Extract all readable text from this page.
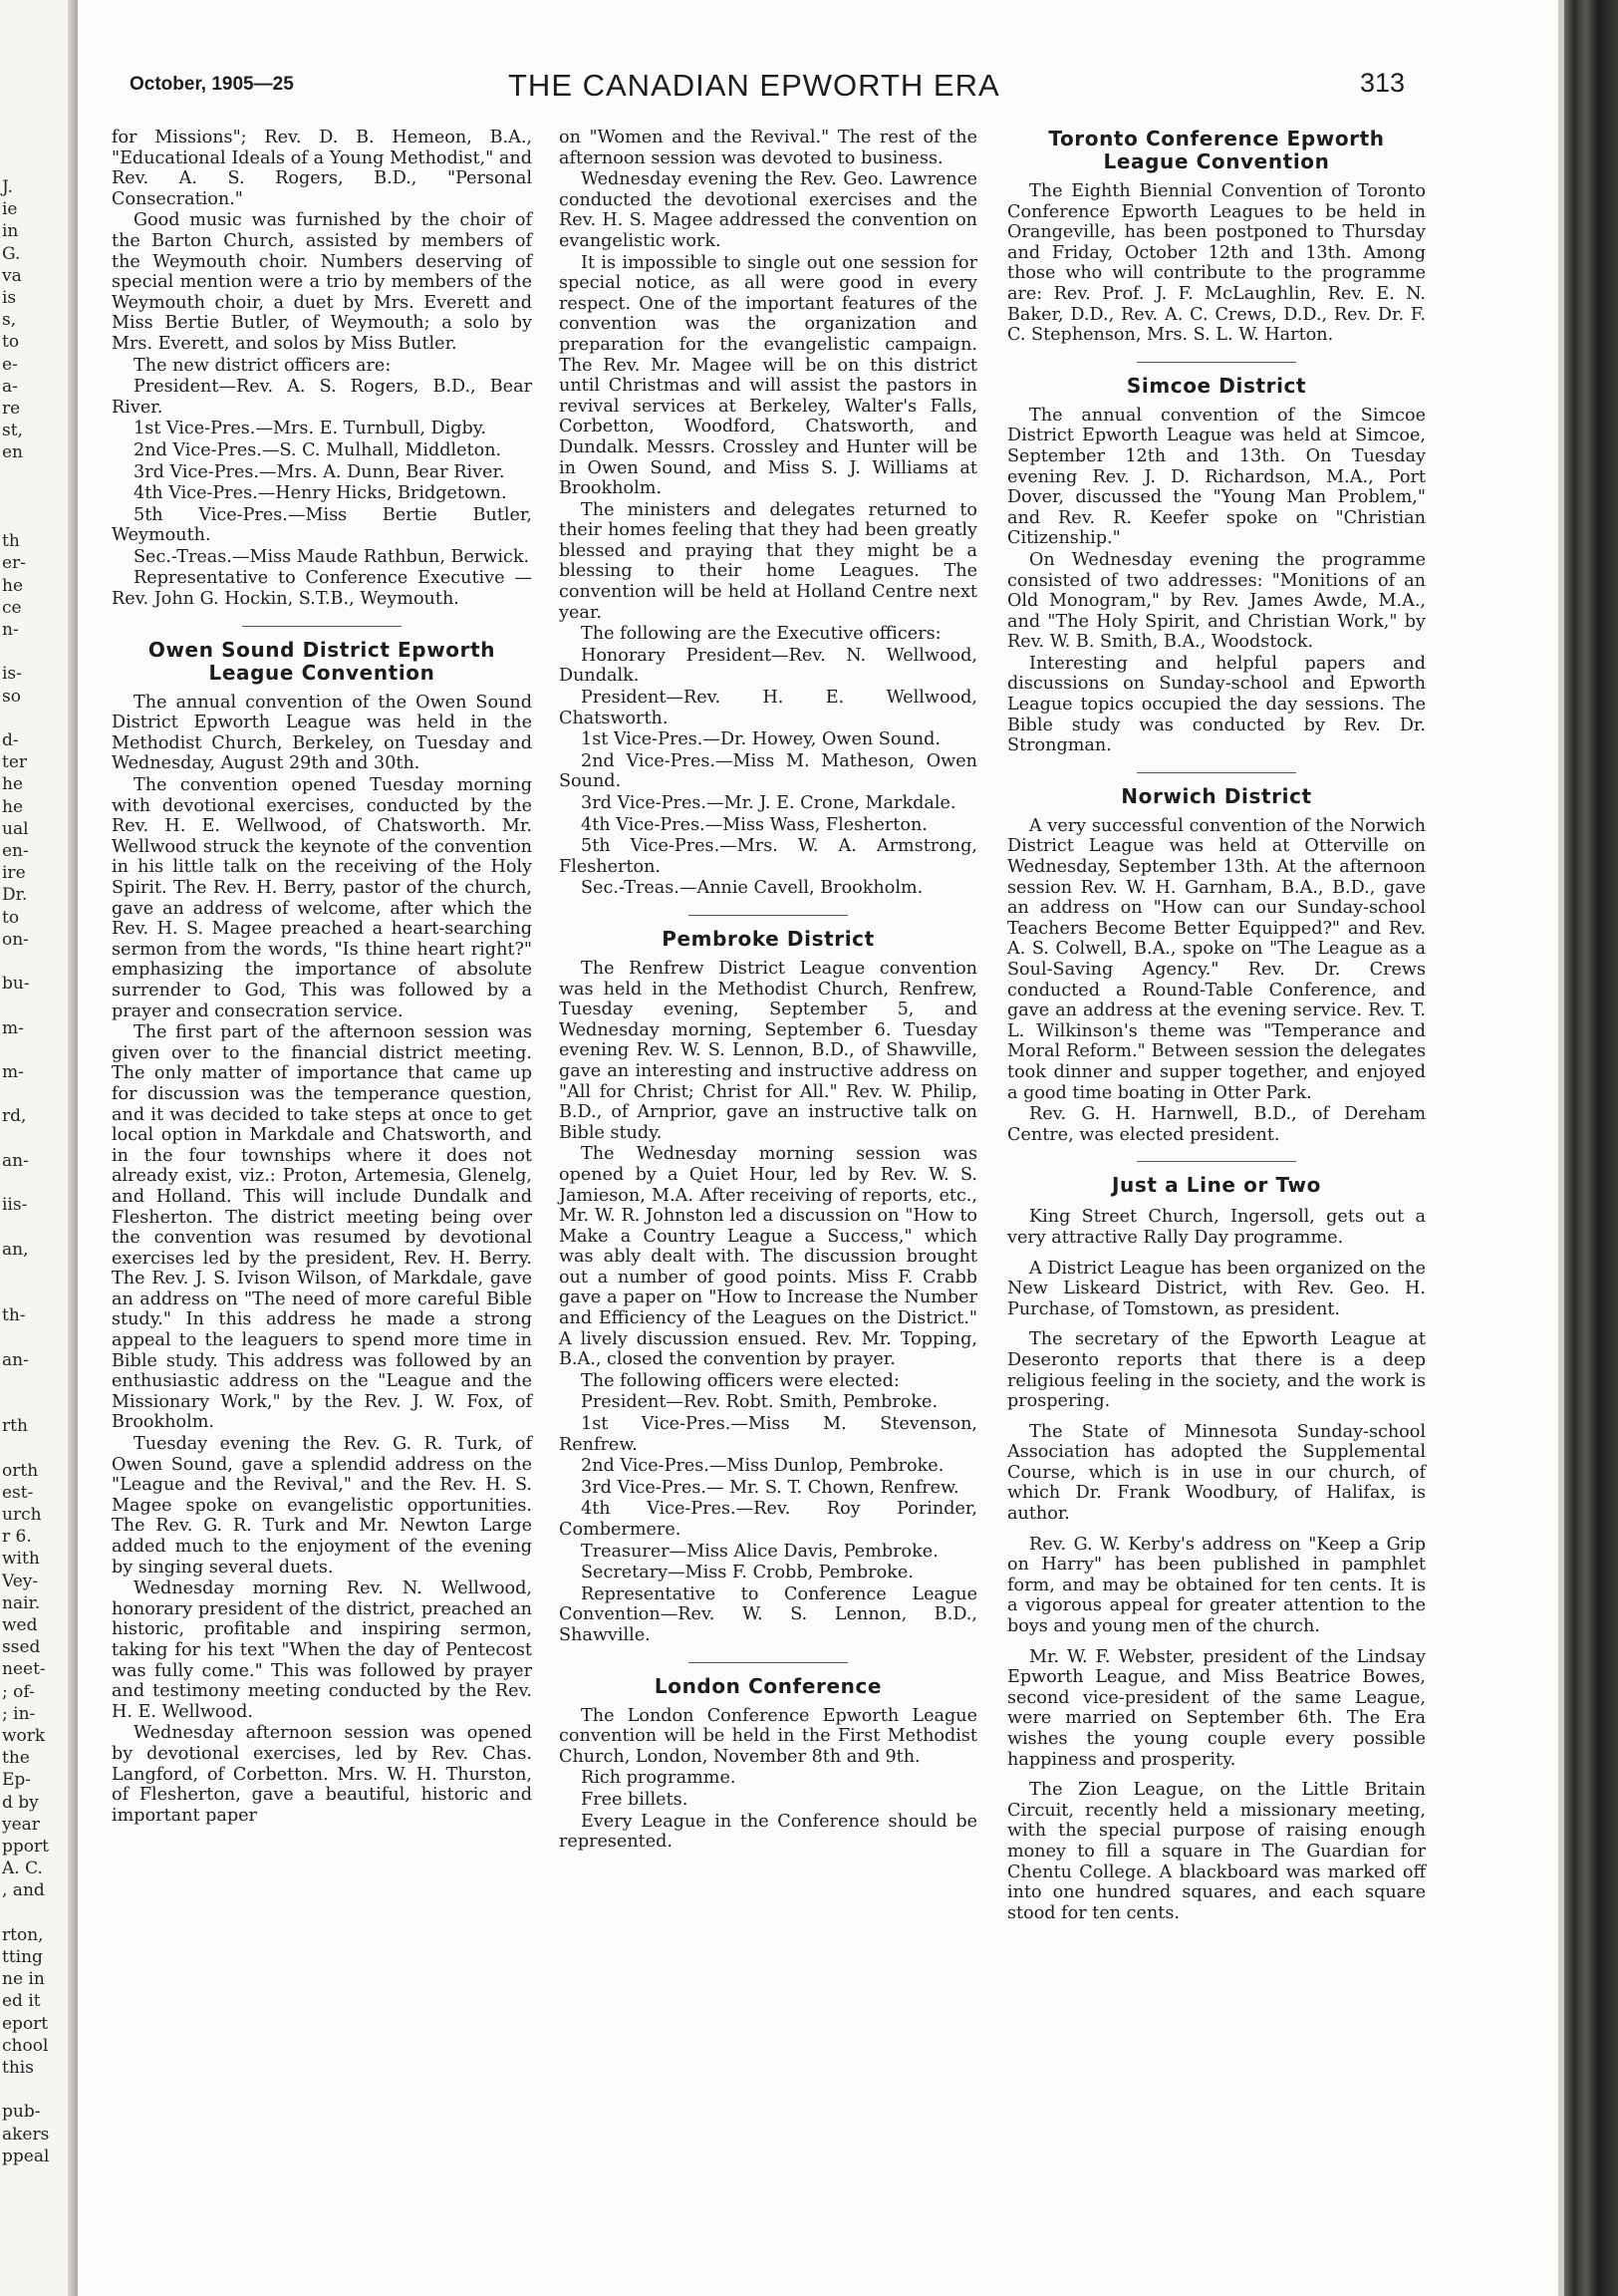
J.
ie
in
G.
va
is
s,
to
e-
a-
re
st,
en
th
er-
he
ce
n-
is-
so
d-
ter
he
he
ual
en-
ire
Dr.
to
on-
bu-
m-
m-
rd,
an-
iis-
an,
th-
an-
rth
orth
est-
urch
r 6.
with
Vey-
nair.
wed
ssed
neet-
; of-
; in-
work
the
Ep-
d by
year
pport
A. C.
, and
rton,
tting
ne in
ed it
eport
chool
this
pub-
akers
ppeal
October, 1905—25	THE CANADIAN EPWORTH ERA	313

for Missions"; Rev. D. B. Hemeon, B.A., "Educational Ideals of a Young Methodist," and Rev. A. S. Rogers, B.D., "Personal Consecration."

Good music was furnished by the choir of the Barton Church, assisted by members of the Weymouth choir. Numbers deserving of special mention were a trio by members of the Weymouth choir, a duet by Mrs. Everett and Miss Bertie Butler, of Weymouth; a solo by Mrs. Everett, and solos by Miss Butler.

The new district officers are:

President—Rev. A. S. Rogers, B.D., Bear River.

1st Vice-Pres.—Mrs. E. Turnbull, Digby.

2nd Vice-Pres.—S. C. Mulhall, Middleton.

3rd Vice-Pres.—Mrs. A. Dunn, Bear River.

4th Vice-Pres.—Henry Hicks, Bridgetown.

5th Vice-Pres.—Miss Bertie Butler, Weymouth.

Sec.-Treas.—Miss Maude Rathbun, Berwick.

Representative to Conference Executive —Rev. John G. Hockin, S.T.B., Weymouth.

Owen Sound District Epworth League Convention

The annual convention of the Owen Sound District Epworth League was held in the Methodist Church, Berkeley, on Tuesday and Wednesday, August 29th and 30th.

The convention opened Tuesday morning with devotional exercises, conducted by the Rev. H. E. Wellwood, of Chatsworth. Mr. Wellwood struck the keynote of the convention in his little talk on the receiving of the Holy Spirit. The Rev. H. Berry, pastor of the church, gave an address of welcome, after which the Rev. H. S. Magee preached a heart-searching sermon from the words, "Is thine heart right?" emphasizing the importance of absolute surrender to God, This was followed by a prayer and consecration service.

The first part of the afternoon session was given over to the financial district meeting. The only matter of importance that came up for discussion was the temperance question, and it was decided to take steps at once to get local option in Markdale and Chatsworth, and in the four townships where it does not already exist, viz.: Proton, Artemesia, Glenelg, and Holland. This will include Dundalk and Flesherton. The district meeting being over the convention was resumed by devotional exercises led by the president, Rev. H. Berry. The Rev. J. S. Ivison Wilson, of Markdale, gave an address on "The need of more careful Bible study." In this address he made a strong appeal to the leaguers to spend more time in Bible study. This address was followed by an enthusiastic address on the "League and the Missionary Work," by the Rev. J. W. Fox, of Brookholm.

Tuesday evening the Rev. G. R. Turk, of Owen Sound, gave a splendid address on the "League and the Revival," and the Rev. H. S. Magee spoke on evangelistic opportunities. The Rev. G. R. Turk and Mr. Newton Large added much to the enjoyment of the evening by singing several duets.

Wednesday morning Rev. N. Wellwood, honorary president of the district, preached an historic, profitable and inspiring sermon, taking for his text "When the day of Pentecost was fully come." This was followed by prayer and testimony meeting conducted by the Rev. H. E. Wellwood.

Wednesday afternoon session was opened by devotional exercises, led by Rev. Chas. Langford, of Corbetton. Mrs. W. H. Thurston, of Flesherton, gave a beautiful, historic and important paper

on "Women and the Revival." The rest of the afternoon session was devoted to business.

Wednesday evening the Rev. Geo. Lawrence conducted the devotional exercises and the Rev. H. S. Magee addressed the convention on evangelistic work.

It is impossible to single out one session for special notice, as all were good in every respect. One of the important features of the convention was the organization and preparation for the evangelistic campaign. The Rev. Mr. Magee will be on this district until Christmas and will assist the pastors in revival services at Berkeley, Walter's Falls, Corbetton, Woodford, Chatsworth, and Dundalk. Messrs. Crossley and Hunter will be in Owen Sound, and Miss S. J. Williams at Brookholm.

The ministers and delegates returned to their homes feeling that they had been greatly blessed and praying that they might be a blessing to their home Leagues. The convention will be held at Holland Centre next year.

The following are the Executive officers:

Honorary President—Rev. N. Wellwood, Dundalk.

President—Rev. H. E. Wellwood, Chatsworth.

1st Vice-Pres.—Dr. Howey, Owen Sound.

2nd Vice-Pres.—Miss M. Matheson, Owen Sound.

3rd Vice-Pres.—Mr. J. E. Crone, Markdale.

4th Vice-Pres.—Miss Wass, Flesherton.

5th Vice-Pres.—Mrs. W. A. Armstrong, Flesherton.

Sec.-Treas.—Annie Cavell, Brookholm.

Pembroke District

The Renfrew District League convention was held in the Methodist Church, Renfrew, Tuesday evening, September 5, and Wednesday morning, September 6. Tuesday evening Rev. W. S. Lennon, B.D., of Shawville, gave an interesting and instructive address on "All for Christ; Christ for All." Rev. W. Philip, B.D., of Arnprior, gave an instructive talk on Bible study.

The Wednesday morning session was opened by a Quiet Hour, led by Rev. W. S. Jamieson, M.A. After receiving of reports, etc., Mr. W. R. Johnston led a discussion on "How to Make a Country League a Success," which was ably dealt with. The discussion brought out a number of good points. Miss F. Crabb gave a paper on "How to Increase the Number and Efficiency of the Leagues on the District." A lively discussion ensued. Rev. Mr. Topping, B.A., closed the convention by prayer.

The following officers were elected:

President—Rev. Robt. Smith, Pembroke.

1st Vice-Pres.—Miss M. Stevenson, Renfrew.

2nd Vice-Pres.—Miss Dunlop, Pembroke.

3rd Vice-Pres.— Mr. S. T. Chown, Renfrew.

4th Vice-Pres.—Rev. Roy Porinder, Combermere.

Treasurer—Miss Alice Davis, Pembroke.

Secretary—Miss F. Crobb, Pembroke.

Representative to Conference League Convention—Rev. W. S. Lennon, B.D., Shawville.

London Conference

The London Conference Epworth League convention will be held in the First Methodist Church, London, November 8th and 9th.

Rich programme.

Free billets.

Every League in the Conference should be represented.

Toronto Conference Epworth League Convention

The Eighth Biennial Convention of Toronto Conference Epworth Leagues to be held in Orangeville, has been postponed to Thursday and Friday, October 12th and 13th. Among those who will contribute to the programme are: Rev. Prof. J. F. McLaughlin, Rev. E. N. Baker, D.D., Rev. A. C. Crews, D.D., Rev. Dr. F. C. Stephenson, Mrs. S. L. W. Harton.

Simcoe District

The annual convention of the Simcoe District Epworth League was held at Simcoe, September 12th and 13th. On Tuesday evening Rev. J. D. Richardson, M.A., Port Dover, discussed the "Young Man Problem," and Rev. R. Keefer spoke on "Christian Citizenship."

On Wednesday evening the programme consisted of two addresses: "Monitions of an Old Monogram," by Rev. James Awde, M.A., and "The Holy Spirit, and Christian Work," by Rev. W. B. Smith, B.A., Woodstock.

Interesting and helpful papers and discussions on Sunday-school and Epworth League topics occupied the day sessions. The Bible study was conducted by Rev. Dr. Strongman.

Norwich District

A very successful convention of the Norwich District League was held at Otterville on Wednesday, September 13th. At the afternoon session Rev. W. H. Garnham, B.A., B.D., gave an address on "How can our Sunday-school Teachers Become Better Equipped?" and Rev. A. S. Colwell, B.A., spoke on "The League as a Soul-Saving Agency." Rev. Dr. Crews conducted a Round-Table Conference, and gave an address at the evening service. Rev. T. L. Wilkinson's theme was "Temperance and Moral Reform." Between session the delegates took dinner and supper together, and enjoyed a good time boating in Otter Park.

Rev. G. H. Harnwell, B.D., of Dereham Centre, was elected president.

Just a Line or Two

King Street Church, Ingersoll, gets out a very attractive Rally Day programme.

A District League has been organized on the New Liskeard District, with Rev. Geo. H. Purchase, of Tomstown, as president.

The secretary of the Epworth League at Deseronto reports that there is a deep religious feeling in the society, and the work is prospering.

The State of Minnesota Sunday-school Association has adopted the Supplemental Course, which is in use in our church, of which Dr. Frank Woodbury, of Halifax, is author.

Rev. G. W. Kerby's address on "Keep a Grip on Harry" has been published in pamphlet form, and may be obtained for ten cents. It is a vigorous appeal for greater attention to the boys and young men of the church.

Mr. W. F. Webster, president of the Lindsay Epworth League, and Miss Beatrice Bowes, second vice-president of the same League, were married on September 6th. The Era wishes the young couple every possible happiness and prosperity.

The Zion League, on the Little Britain Circuit, recently held a missionary meeting, with the special purpose of raising enough money to fill a square in The Guardian for Chentu College. A blackboard was marked off into one hundred squares, and each square stood for ten cents.
